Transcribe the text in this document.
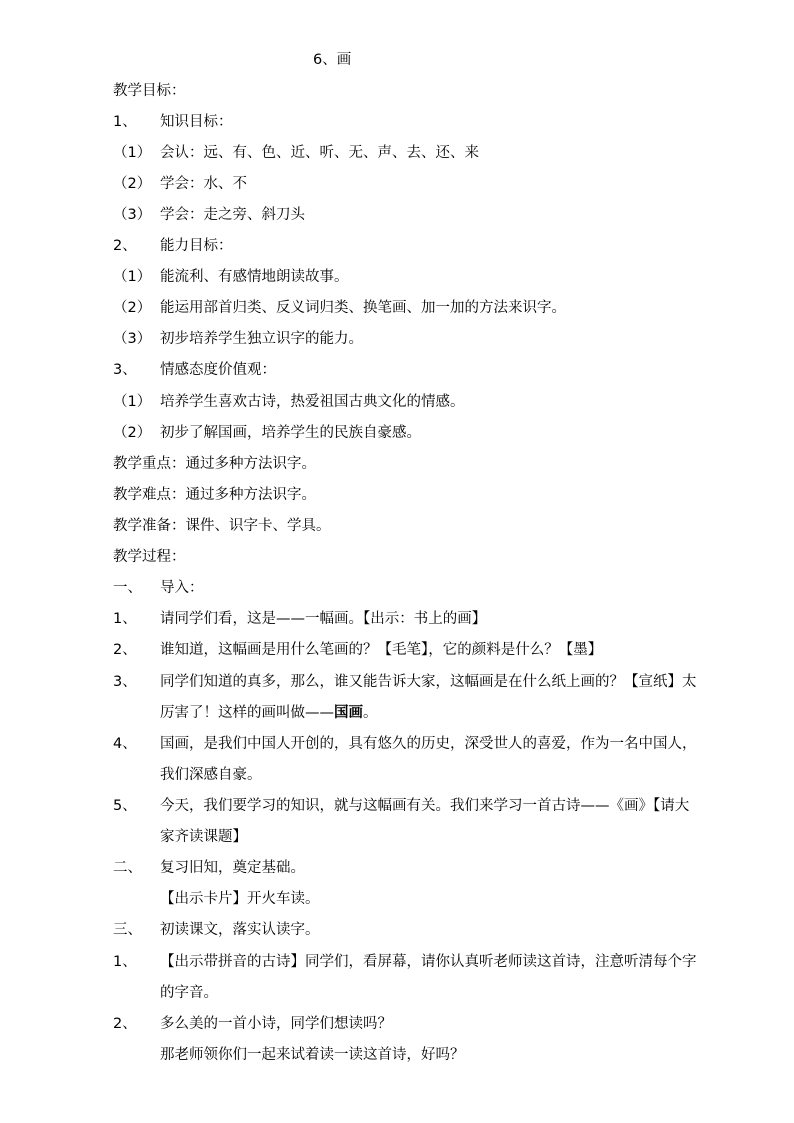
6、画
教学目标：
1、 知识目标：
（1） 会认：远、有、色、近、听、无、声、去、还、来
（2） 学会：水、不
（3） 学会：走之旁、斜刀头
2、 能力目标：
（1） 能流利、有感情地朗读故事。
（2） 能运用部首归类、反义词归类、换笔画、加一加的方法来识字。
（3） 初步培养学生独立识字的能力。
3、 情感态度价值观：
（1） 培养学生喜欢古诗，热爱祖国古典文化的情感。
（2） 初步了解国画，培养学生的民族自豪感。
教学重点：通过多种方法识字。
教学难点：通过多种方法识字。
教学准备：课件、识字卡、学具。
教学过程：
一、 导入：
1、 请同学们看，这是——一幅画。【出示：书上的画】
2、 谁知道，这幅画是用什么笔画的？【毛笔】，它的颜料是什么？【墨】
3、 同学们知道的真多，那么，谁又能告诉大家，这幅画是在什么纸上画的？【宣纸】太
厉害了！这样的画叫做——国画。
4、 国画，是我们中国人开创的，具有悠久的历史，深受世人的喜爱，作为一名中国人，
我们深感自豪。
5、 今天，我们要学习的知识，就与这幅画有关。我们来学习一首古诗——《画》【请大
家齐读课题】
二、 复习旧知，奠定基础。
【出示卡片】开火车读。
三、 初读课文，落实认读字。
1、 【出示带拼音的古诗】同学们，看屏幕，请你认真听老师读这首诗，注意听清每个字
的字音。
2、 多么美的一首小诗，同学们想读吗？
那老师领你们一起来试着读一读这首诗，好吗？
